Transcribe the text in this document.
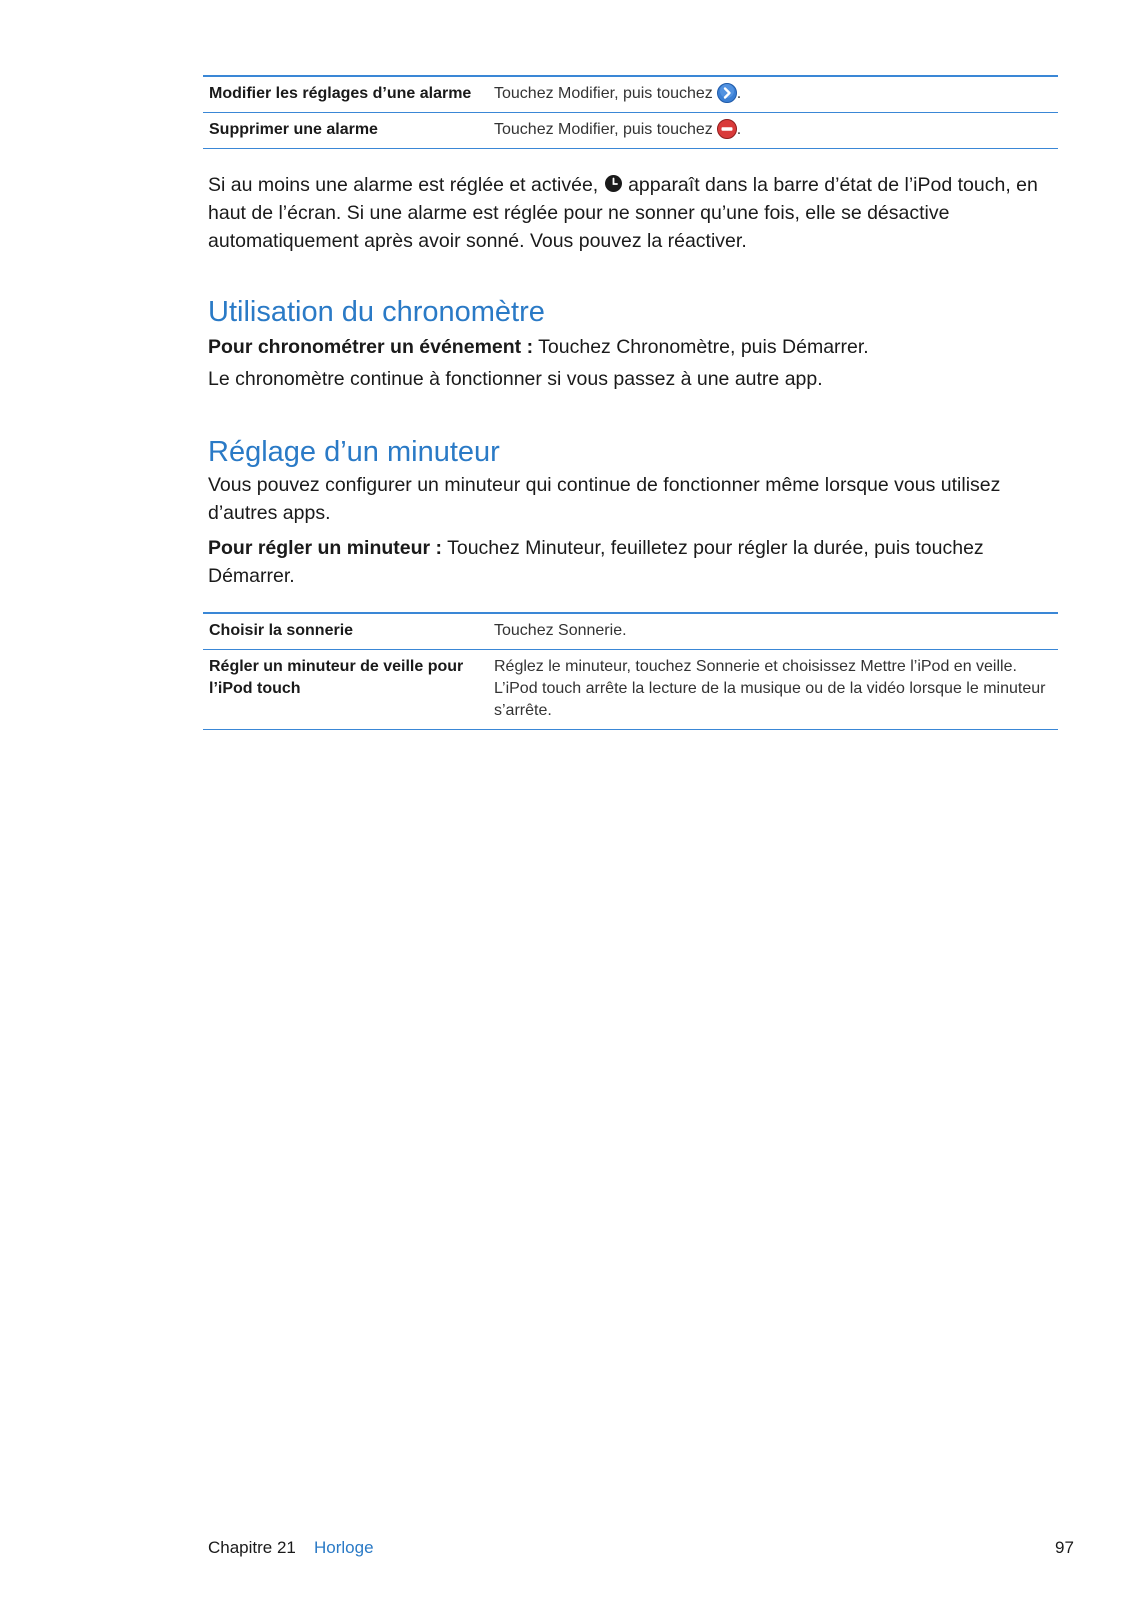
Modifier les réglages d’une alarme	Touchez Modifier, puis touchez .
Supprimer une alarme	Touchez Modifier, puis touchez .

Si au moins une alarme est réglée et activée, apparaît dans la barre d’état de l’iPod touch, en haut de l’écran. Si une alarme est réglée pour ne sonner qu’une fois, elle se désactive automatiquement après avoir sonné. Vous pouvez la réactiver.

Utilisation du chronomètre

Pour chronométrer un événement : Touchez Chronomètre, puis Démarrer.

Le chronomètre continue à fonctionner si vous passez à une autre app.

Réglage d’un minuteur

Vous pouvez configurer un minuteur qui continue de fonctionner même lorsque vous utilisez d’autres apps.

Pour régler un minuteur : Touchez Minuteur, feuilletez pour régler la durée, puis touchez Démarrer.

Choisir la sonnerie	Touchez Sonnerie.
Régler un minuteur de veille pour l’iPod touch	Réglez le minuteur, touchez Sonnerie et choisissez Mettre l’iPod en veille. L’iPod touch arrête la lecture de la musique ou de la vidéo lorsque le minuteur s’arrête.
Chapitre 21 Horloge	97
